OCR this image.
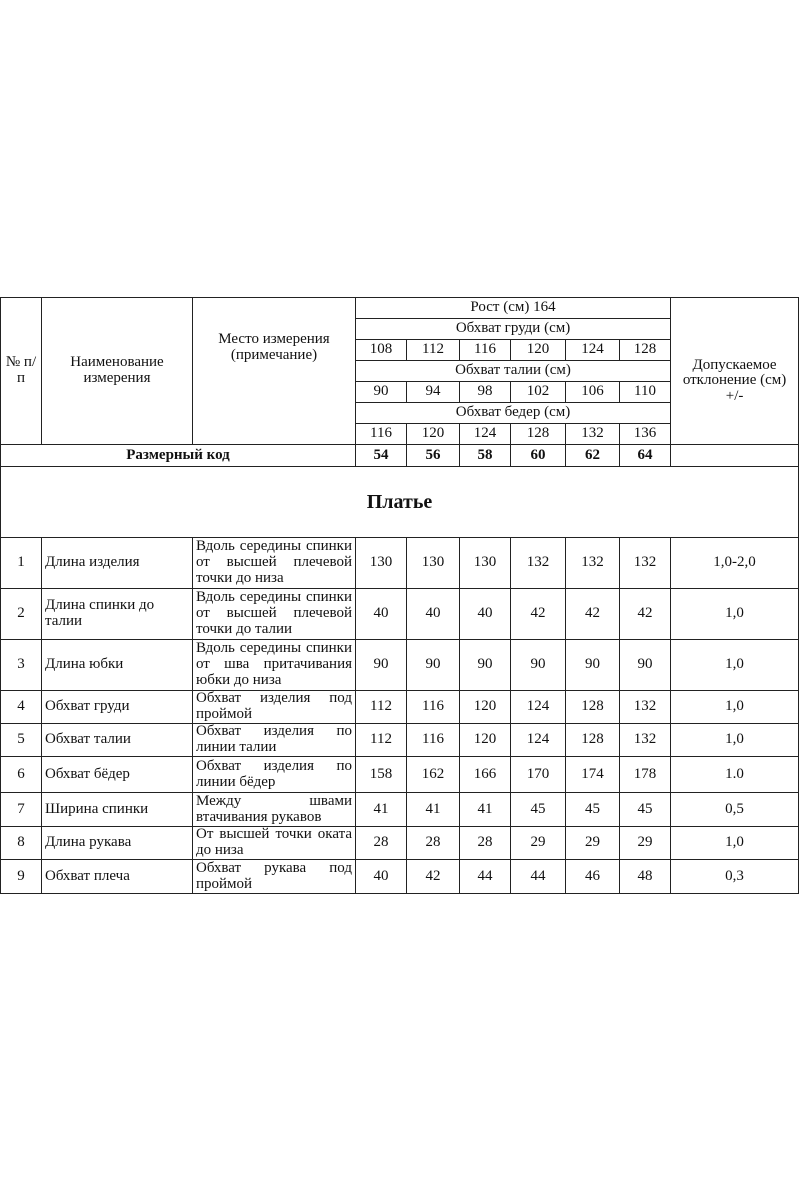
№ п/п	Наименование измерения	Место измерения (примечание)	Рост (см) 164						
			Обхват груди (см)						Допускаемое отклонение (см) +/-
			108	112	116	120	124	128	
			Обхват талии (см)						
			90	94	98	102	106	110	
			Обхват бедер (см)						
			116	120	124	128	132	136	
Размерный код			54	56	58	60	62	64	
Платье									
1	Длина изделия	Вдоль середины спинки от высшей плечевой точки до низа	130	130	130	132	132	132	1,0-2,0
2	Длина спинки до талии	Вдоль середины спинки от высшей плечевой точки до талии	40	40	40	42	42	42	1,0
3	Длина юбки	Вдоль середины спинки от шва притачивания юбки до низа	90	90	90	90	90	90	1,0
4	Обхват груди	Обхват изделия под проймой	112	116	120	124	128	132	1,0
5	Обхват талии	Обхват изделия по линии талии	112	116	120	124	128	132	1,0
6	Обхват бёдер	Обхват изделия по линии бёдер	158	162	166	170	174	178	1.0
7	Ширина спинки	Между швами втачивания рукавов	41	41	41	45	45	45	0,5
8	Длина рукава	От высшей точки оката до низа	28	28	28	29	29	29	1,0
9	Обхват плеча	Обхват рукава под проймой	40	42	44	44	46	48	0,3
